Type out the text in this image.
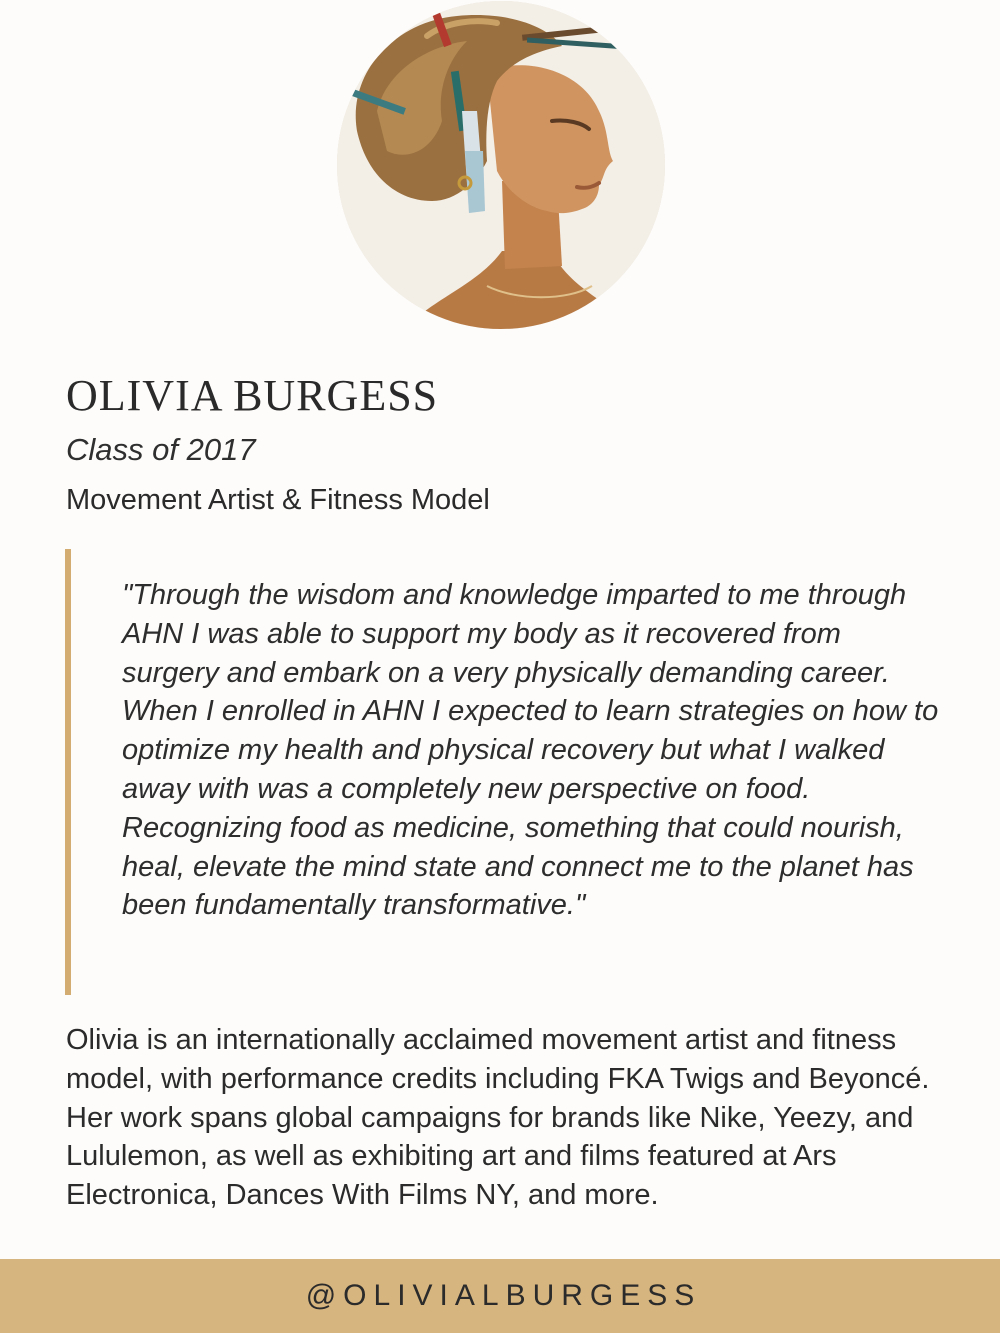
OLIVIA BURGESS

Class of 2017

Movement Artist & Fitness Model

"Through the wisdom and knowledge imparted to me through AHN I was able to support my body as it recovered from surgery and embark on a very physically demanding career. When I enrolled in AHN I expected to learn strategies on how to optimize my health and physical recovery but what I walked away with was a completely new perspective on food. Recognizing food as medicine, something that could nourish, heal, elevate the mind state and connect me to the planet has been fundamentally transformative."

Olivia is an internationally acclaimed movement artist and fitness model, with performance credits including FKA Twigs and Beyoncé. Her work spans global campaigns for brands like Nike, Yeezy, and Lululemon, as well as exhibiting art and films featured at Ars Electronica, Dances With Films NY, and more.

@OLIVIALBURGESS
